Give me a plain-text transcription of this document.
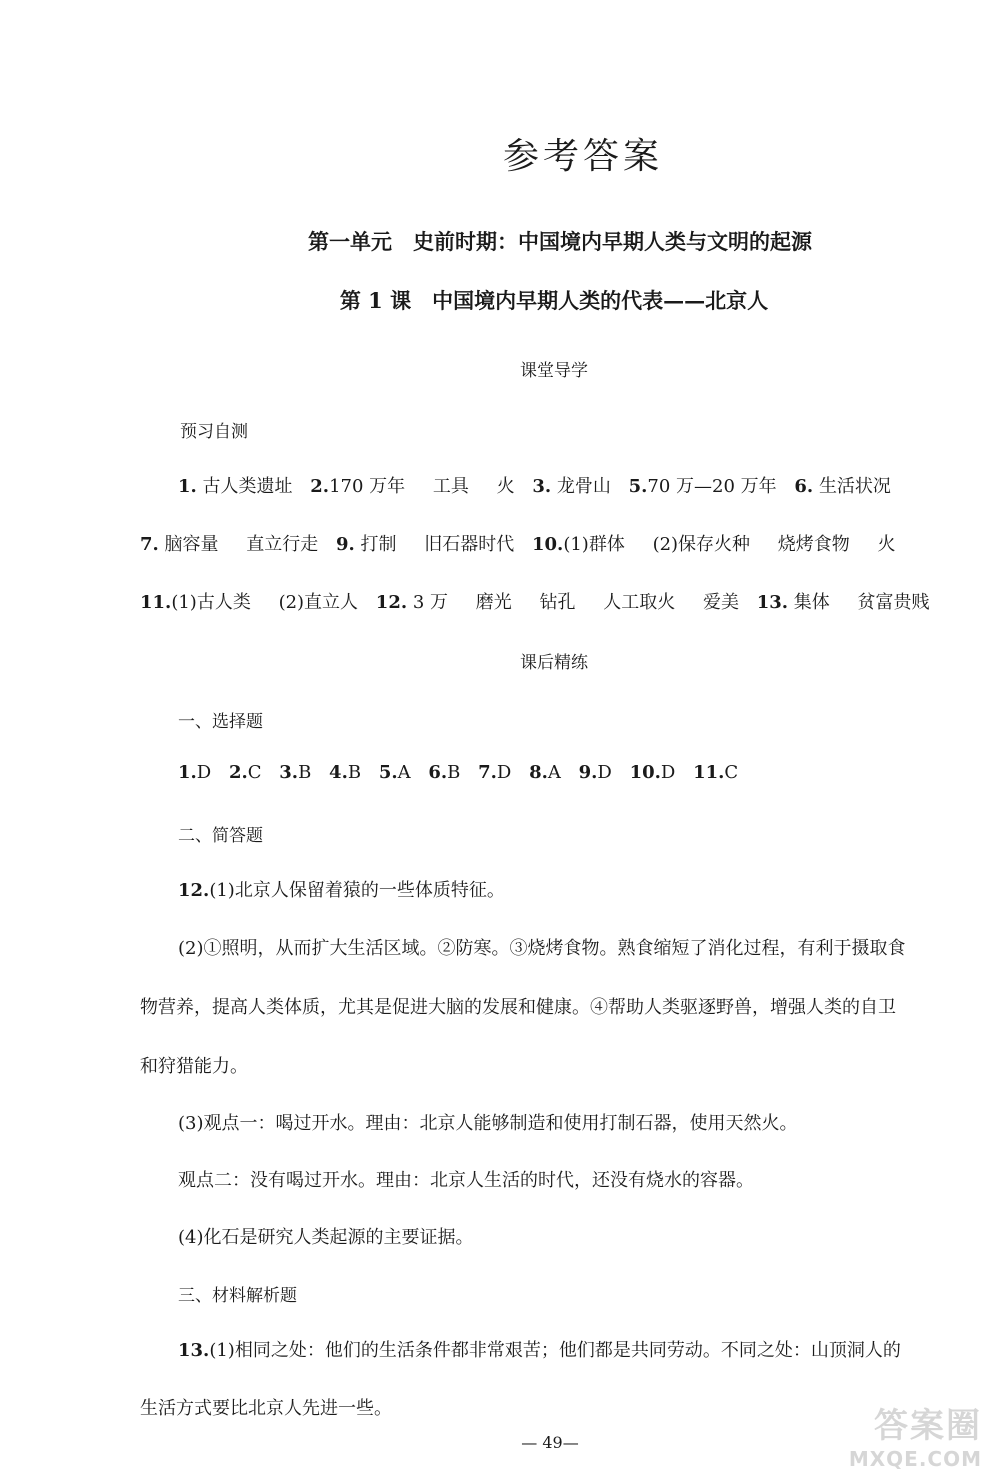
参考答案
第一单元　史前时期：中国境内早期人类与文明的起源
第 1 课　中国境内早期人类的代表——北京人
课堂导学
预习自测
1. 古人类遗址 2.170 万年 工具 火 3. 龙骨山 5.70 万—20 万年 6. 生活状况
7. 脑容量 直立行走 9. 打制 旧石器时代 10.(1)群体 (2)保存火种 烧烤食物 火
11.(1)古人类 (2)直立人 12. 3 万 磨光 钻孔 人工取火 爱美 13. 集体 贫富贵贱
课后精练
一、选择题
1.D 2.C 3.B 4.B 5.A 6.B 7.D 8.A 9.D 10.D 11.C
二、简答题
12.(1)北京人保留着猿的一些体质特征。
(2)①照明，从而扩大生活区域。②防寒。③烧烤食物。熟食缩短了消化过程，有利于摄取食
物营养，提高人类体质，尤其是促进大脑的发展和健康。④帮助人类驱逐野兽，增强人类的自卫
和狩猎能力。
(3)观点一：喝过开水。理由：北京人能够制造和使用打制石器，使用天然火。
观点二：没有喝过开水。理由：北京人生活的时代，还没有烧水的容器。
(4)化石是研究人类起源的主要证据。
三、材料解析题
13.(1)相同之处：他们的生活条件都非常艰苦；他们都是共同劳动。不同之处：山顶洞人的
生活方式要比北京人先进一些。
— 49—	答案圈
MXQE.COM
